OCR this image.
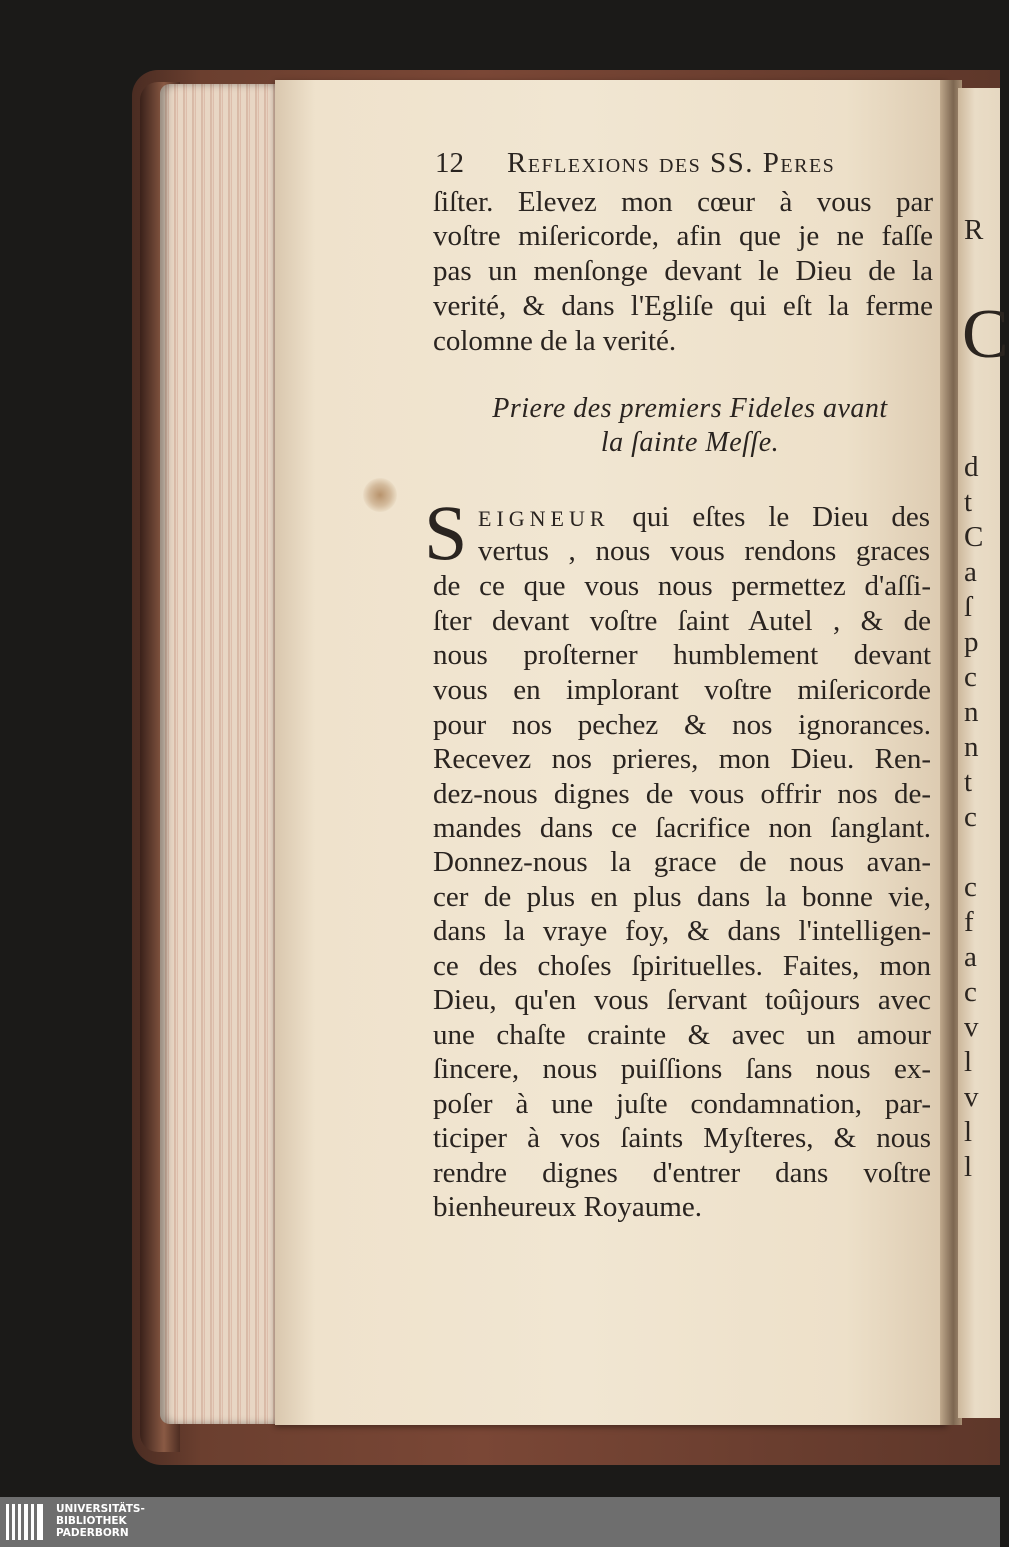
R
C
d
t
C
a
ſ
p
c
n
n
t
c
c
f
a
c
v
l
v
l
l
12 Reflexions des SS. Peres
ſiſter. Elevez mon cœur à vous par
voſtre miſericorde, afin que je ne faſſe
pas un menſonge devant le Dieu de la
verité, & dans l'Egliſe qui eſt la ferme
colomne de la verité.
Priere des premiers Fideles avant
la ſainte Meſſe.
S EIGNEUR qui eſtes le Dieu des
vertus , nous vous rendons graces
de ce que vous nous permettez d'aſſi-
ſter devant voſtre ſaint Autel , & de
nous proſterner humblement devant
vous en implorant voſtre miſericorde
pour nos pechez & nos ignorances.
Recevez nos prieres, mon Dieu. Ren-
dez-nous dignes de vous offrir nos de-
mandes dans ce ſacrifice non ſanglant.
Donnez-nous la grace de nous avan-
cer de plus en plus dans la bonne vie,
dans la vraye foy, & dans l'intelligen-
ce des choſes ſpirituelles. Faites, mon
Dieu, qu'en vous ſervant toûjours avec
une chaſte crainte & avec un amour
ſincere, nous puiſſions ſans nous ex-
poſer à une juſte condamnation, par-
ticiper à vos ſaints Myſteres, & nous
rendre dignes d'entrer dans voſtre
bienheureux Royaume.
UNIVERSITÄTS-
BIBLIOTHEK
PADERBORN
